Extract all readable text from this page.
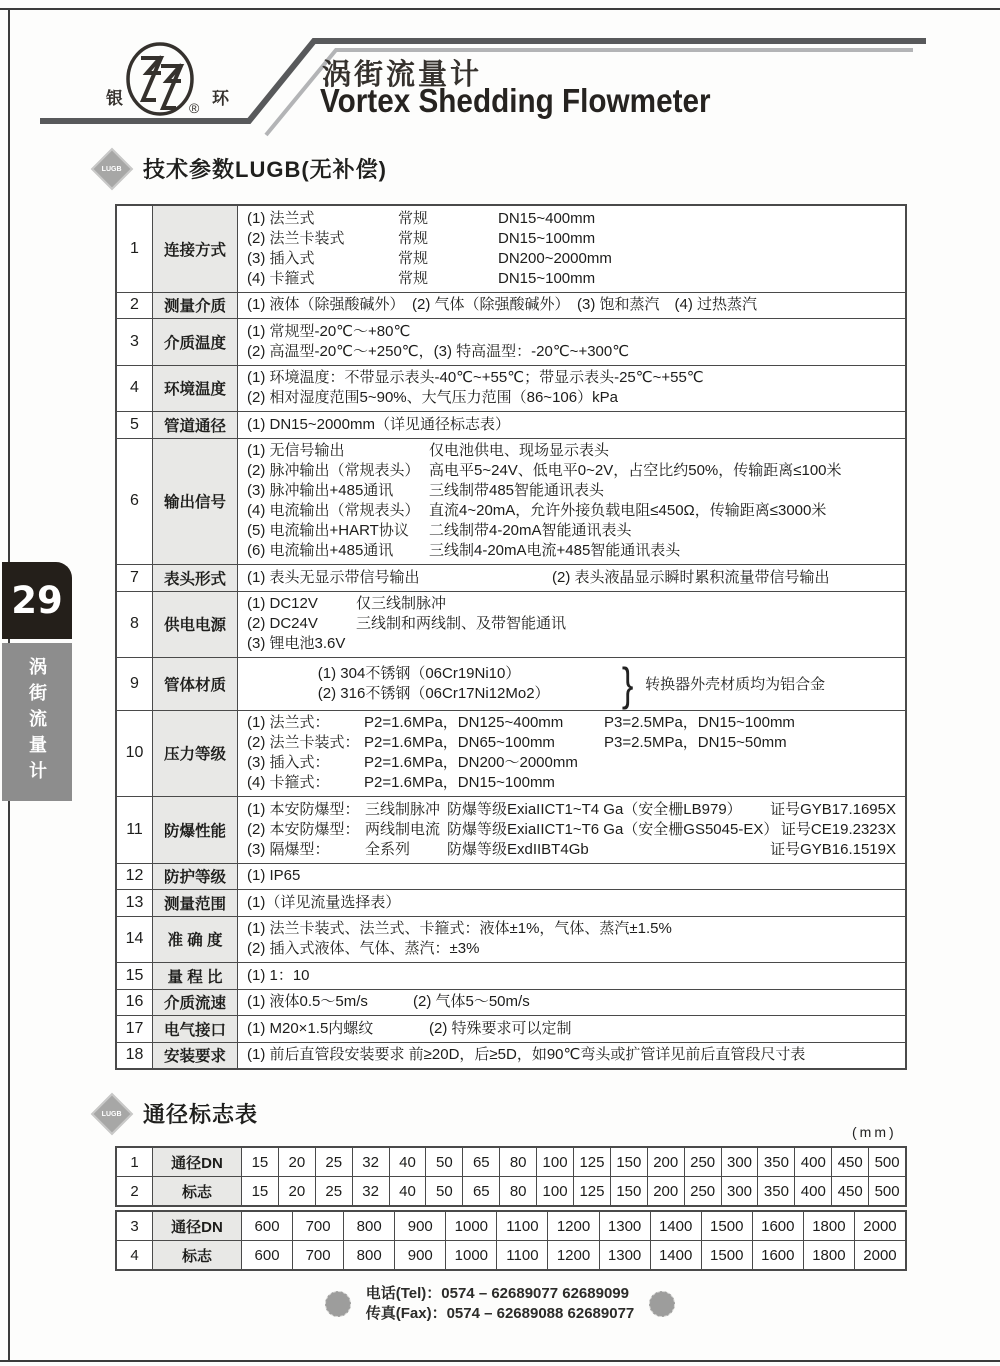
银	环
®
涡街流量计
Vortex Shedding Flowmeter
29
涡街流量计
LUGB 技术参数LUGB(无补偿)
1	连接方式
(1) 法兰式	常规	DN15~400mm
(2) 法兰卡装式	常规	DN15~100mm
(3) 插入式	常规	DN200~2000mm
(4) 卡箍式	常规	DN15~100mm
2	测量介质	(1) 液体（除强酸碱外）　(2) 气体（除强酸碱外）　(3) 饱和蒸汽　(4) 过热蒸汽
3	介质温度
(1) 常规型-20℃～+80℃
(2) 高温型-20℃～+250℃，(3) 特高温型：-20℃~+300℃
4	环境温度
(1) 环境温度：不带显示表头-40℃~+55℃；带显示表头-25℃~+55℃
(2) 相对湿度范围5~90%、大气压力范围（86~106）kPa
5	管道通径	(1) DN15~2000mm（详见通径标志表）
6	输出信号
(1) 无信号输出	仅电池供电、现场显示表头
(2) 脉冲输出（常规表头） 高电平5~24V、低电平0~2V，占空比约50%，传输距离≤100米
(3) 脉冲输出+485通讯	三线制带485智能通讯表头
(4) 电流输出（常规表头） 直流4~20mA，允许外接负载电阻≤450Ω，传输距离≤3000米
(5) 电流输出+HART协议	二线制带4-20mA智能通讯表头
(6) 电流输出+485通讯	三线制4-20mA电流+485智能通讯表头
7	表头形式	(1) 表头无显示带信号输出	(2) 表头液晶显示瞬时累积流量带信号输出
8	供电电源
(1) DC12V	仅三线制脉冲
(2) DC24V	三线制和两线制、及带智能通讯
(3) 锂电池3.6V
9	管体材质
(1) 304不锈钢（06Cr19Ni10）
(2) 316不锈钢（06Cr17Ni12Mo2）	} 转换器外壳材质均为铝合金
10	压力等级
(1) 法兰式：	P2=1.6MPa，DN125~400mm	P3=2.5MPa，DN15~100mm
(2) 法兰卡装式： P2=1.6MPa，DN65~100mm	P3=2.5MPa，DN15~50mm
(3) 插入式：	P2=1.6MPa，DN200～2000mm
(4) 卡箍式：	P2=1.6MPa，DN15~100mm
11	防爆性能
(1) 本安防爆型： 三线制脉冲 防爆等级ExiaIICT1~T4 Ga（安全栅LB979） 证号GYB17.1695X
(2) 本安防爆型： 两线制电流 防爆等级ExiaIICT1~T6 Ga（安全栅GS5045-EX） 证号CE19.2323X
(3) 隔爆型：	全系列	防爆等级ExdIIBT4Gb	证号GYB16.1519X
12	防护等级	(1) IP65
13	测量范围	(1)（详见流量选择表）
14	准 确 度
(1) 法兰卡装式、法兰式、卡箍式：液体±1%，气体、蒸汽±1.5%
(2) 插入式液体、气体、蒸汽：±3%
15	量 程 比	(1) 1：10
16	介质流速	(1) 液体0.5～5m/s	(2) 气体5～50m/s
17	电气接口	(1) M20×1.5内螺纹	(2) 特殊要求可以定制
18	安装要求	(1) 前后直管段安装要求 前≥20D，后≥5D，如90℃弯头或扩管详见前后直管段尺寸表
LUGB 通径标志表
(mm)
1	通径DN	15	20	25	32	40	50	65	80	100 125 150 200 250 300 350 400 450 500
2	标志	15	20	25	32	40	50	65	80	100 125 150 200 250 300 350 400 450 500
3	通径DN	600	700	800	900	1000	1100	1200	1300	1400	1500	1600	1800	2000
4	标志	600	700	800	900	1000	1100	1200	1300	1400	1500	1600	1800	2000
电话(Tel)：0574 – 62689077 62689099
传真(Fax)：0574 – 62689088 62689077
